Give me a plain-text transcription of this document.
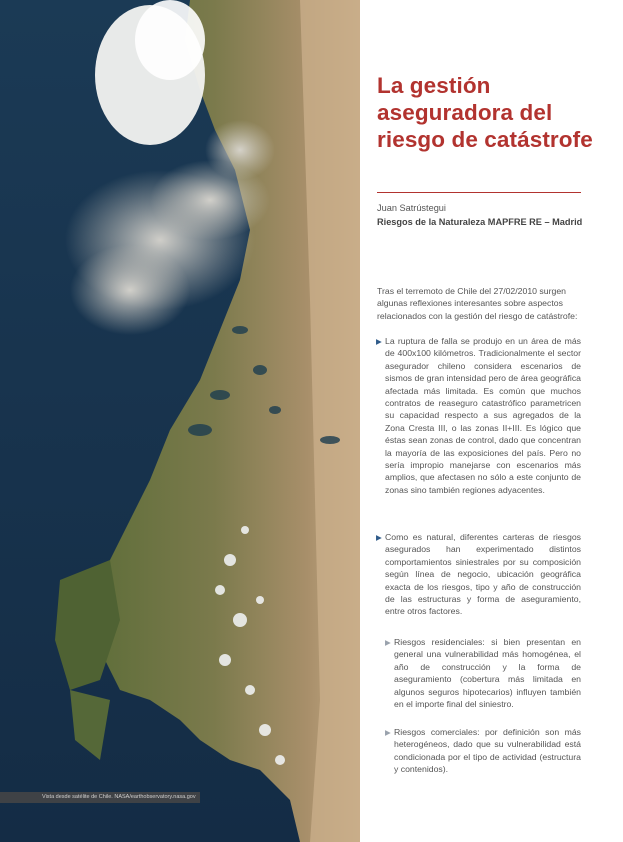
Vista desde satélite de Chile. NASA/earthobservatory.nasa.gov
La gestión aseguradora del riesgo de catástrofe
Juan Satrústegui
Riesgos de la Naturaleza MAPFRE RE – Madrid

Tras el terremoto de Chile del 27/02/2010 surgen algunas reflexiones interesantes sobre aspectos relacionados con la gestión del riesgo de catástrofe:

▶ La ruptura de falla se produjo en un área de más de 400x100 kilómetros. Tradicionalmente el sector asegurador chileno considera escenarios de sismos de gran intensidad pero de área geográfica afectada más limitada. Es común que muchos contratos de reaseguro catastrófico parametricen su capacidad respecto a sus agregados de la Zona Cresta III, o las zonas II+III. Es lógico que éstas sean zonas de control, dado que concentran la mayoría de las exposiciones del país. Pero no sería impropio manejarse con escenarios más amplios, que afectasen no sólo a este conjunto de zonas sino también regiones adyacentes.
▶ Como es natural, diferentes carteras de riesgos asegurados han experimentado distintos comportamientos siniestrales por su composición según línea de negocio, ubicación geográfica exacta de los riesgos, tipo y año de construcción de las estructuras y forma de aseguramiento, entre otros factores.
▶ Riesgos residenciales: si bien presentan en general una vulnerabilidad más homogénea, el año de construcción y la forma de aseguramiento (cobertura más limitada en algunos seguros hipotecarios) influyen también en el importe final del siniestro.
▶ Riesgos comerciales: por definición son más heterogéneos, dado que su vulnerabilidad está condicionada por el tipo de actividad (estructura y contenidos).
